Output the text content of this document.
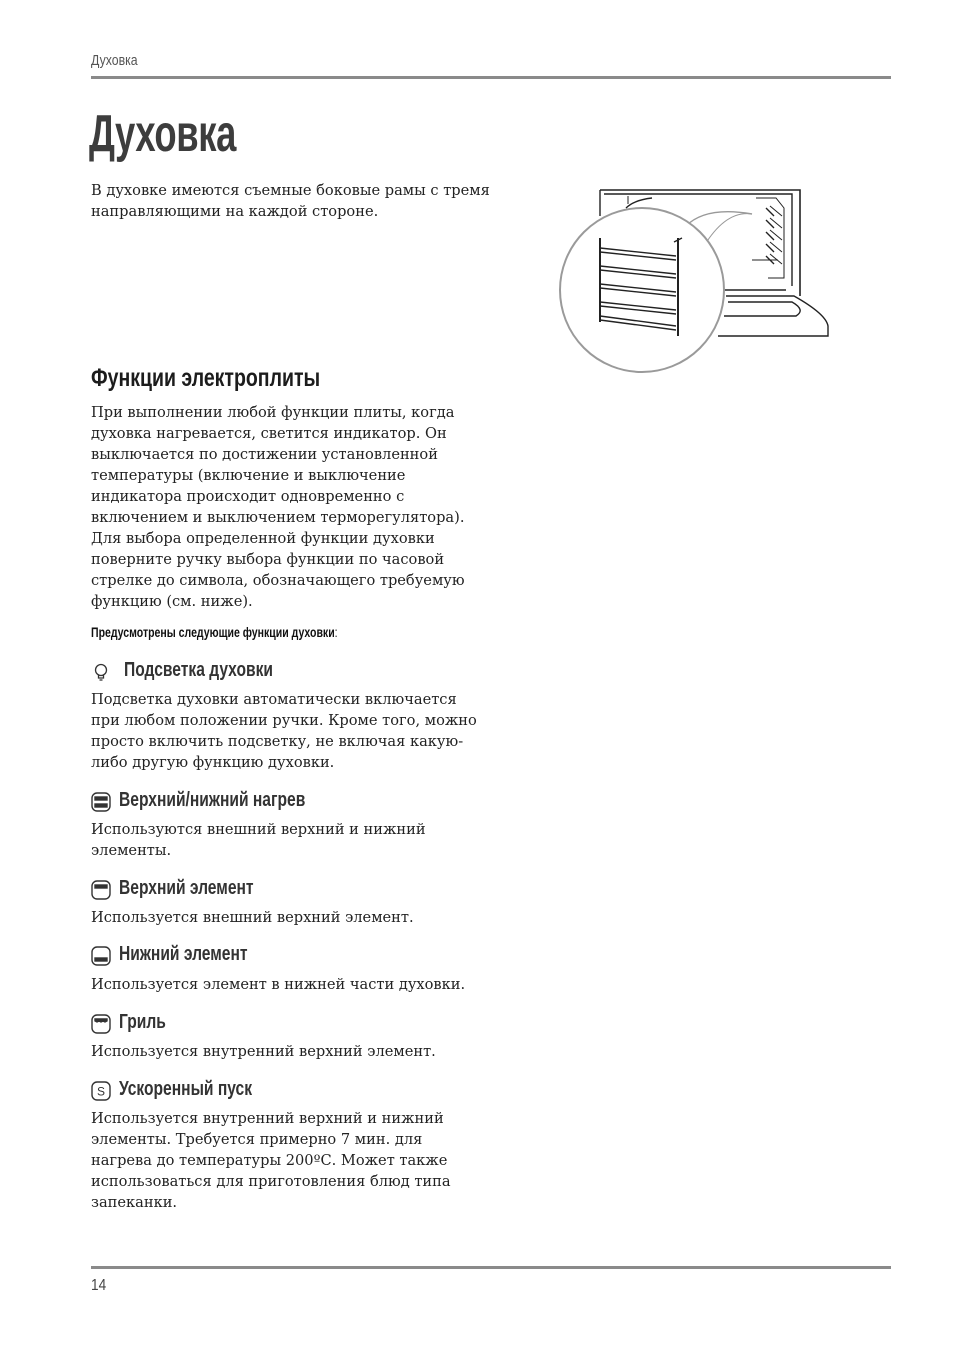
Духовка
Духовка

В духовке имеются съемные боковые рамы с тремя направляющими на каждой стороне.

Функции электроплиты

При выполнении любой функции плиты, когда духовка нагревается, светится индикатор. Он выключается по достижении установленной температуры (включение и выключение индикатора происходит одновременно с включением и выключением терморегулятора). Для выбора определенной функции духовки поверните ручку выбора функции по часовой стрелке до символа, обозначающего требуемую функцию (см. ниже).

Предусмотрены следующие функции духовки:
Подсветка духовки

Подсветка духовки автоматически включается при любом положении ручки. Кроме того, можно просто включить подсветку, не включая какую-либо другую функцию духовки.

Верхний/нижний нагрев

Используются внешний верхний и нижний элементы.

Верхний элемент

Используется внешний верхний элемент.

Нижний элемент

Используется элемент в нижней части духовки.

Гриль

Используется внутренний верхний элемент.

S Ускоренный пуск

Используется внутренний верхний и нижний элементы. Требуется примерно 7 мин. для нагрева до температуры 200ºС. Может также использоваться для приготовления блюд типа запеканки.

14
